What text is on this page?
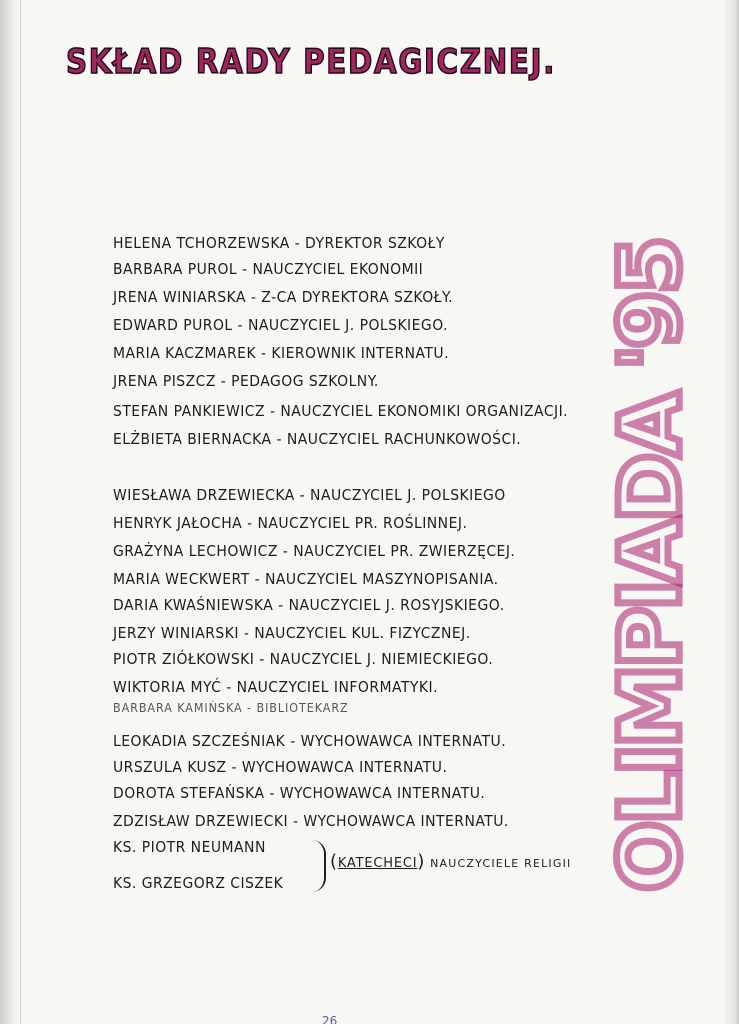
SKŁAD RADY PEDAGICZNEJ.
HELENA TCHORZEWSKA - DYREKTOR SZKOŁY
BARBARA PUROL - NAUCZYCIEL EKONOMII
JRENA WINIARSKA - Z-CA DYREKTORA SZKOŁY.
EDWARD PUROL - NAUCZYCIEL J. POLSKIEGO.
MARIA KACZMAREK - KIEROWNIK INTERNATU.
JRENA PISZCZ - PEDAGOG SZKOLNY.
STEFAN PANKIEWICZ - NAUCZYCIEL EKONOMIKI ORGANIZACJI.
ELŻBIETA BIERNACKA - NAUCZYCIEL RACHUNKOWOŚCI.
WIESŁAWA DRZEWIECKA - NAUCZYCIEL J. POLSKIEGO
HENRYK JAŁOCHA - NAUCZYCIEL PR. ROŚLINNEJ.
GRAŻYNA LECHOWICZ - NAUCZYCIEL PR. ZWIERZĘCEJ.
MARIA WECKWERT - NAUCZYCIEL MASZYNOPISANIA.
DARIA KWAŚNIEWSKA - NAUCZYCIEL J. ROSYJSKIEGO.
JERZY WINIARSKI - NAUCZYCIEL KUL. FIZYCZNEJ.
PIOTR ZIÓŁKOWSKI - NAUCZYCIEL J. NIEMIECKIEGO.
WIKTORIA MYĆ - NAUCZYCIEL INFORMATYKI.
BARBARA KAMIŃSKA - BIBLIOTEKARZ
LEOKADIA SZCZEŚNIAK - WYCHOWAWCA INTERNATU.
URSZULA KUSZ - WYCHOWAWCA INTERNATU.
DOROTA STEFAŃSKA - WYCHOWAWCA INTERNATU.
ZDZISŁAW DRZEWIECKI - WYCHOWAWCA INTERNATU.
KS. PIOTR NEUMANN
KS. GRZEGORZ CISZEK
(KATECHECI) NAUCZYCIELE RELIGII OLIMPIADA '95
26
